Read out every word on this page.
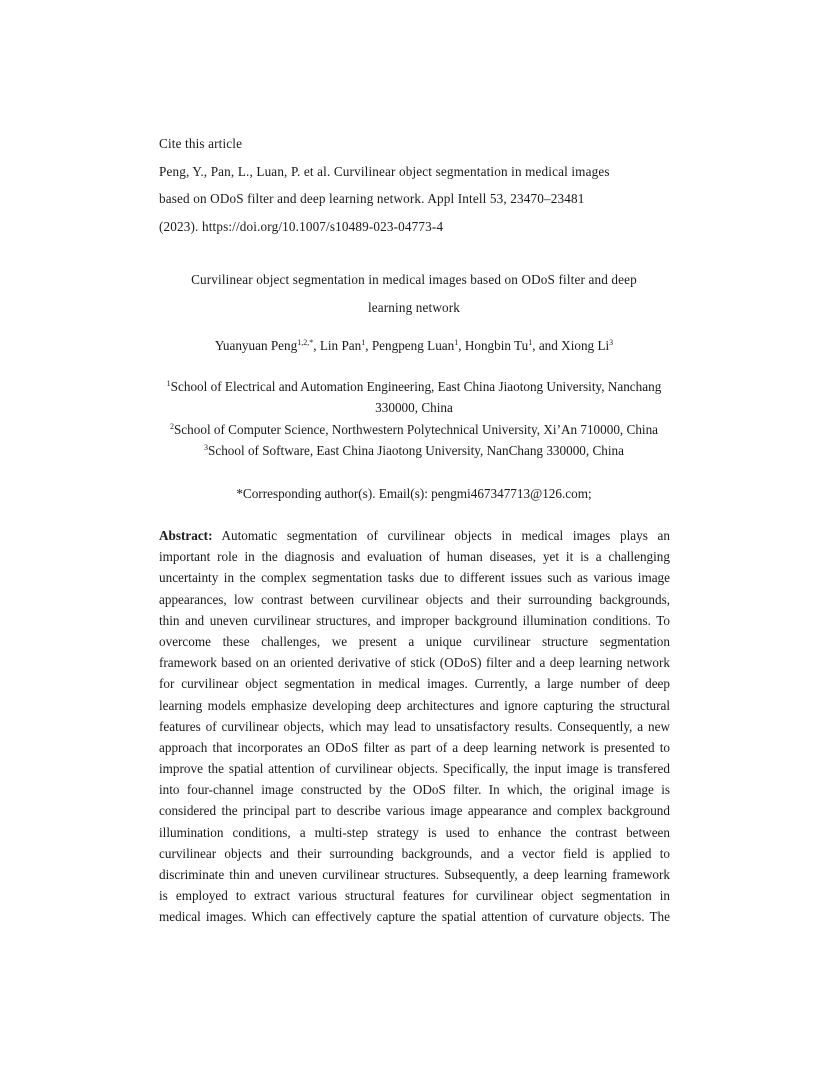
Cite this article
Peng, Y., Pan, L., Luan, P. et al. Curvilinear object segmentation in medical images
based on ODoS filter and deep learning network. Appl Intell 53, 23470–23481
(2023). https://doi.org/10.1007/s10489-023-04773-4
Curvilinear object segmentation in medical images based on ODoS filter and deep
learning network
Yuanyuan Peng$^{1,2,*}$, Lin Pan$^1$, Pengpeng Luan$^1$, Hongbin Tu$^1$, and Xiong Li$^3$
$^1$School of Electrical and Automation Engineering, East China Jiaotong University, Nanchang
330000, China
$^2$School of Computer Science, Northwestern Polytechnical University, Xi’An 710000, China
$^3$School of Software, East China Jiaotong University, NanChang 330000, China
*Corresponding author(s). Email(s): pengmi467347713@126.com;
Abstract: Automatic segmentation of curvilinear objects in medical images plays an
important role in the diagnosis and evaluation of human diseases, yet it is a challenging
uncertainty in the complex segmentation tasks due to different issues such as various image
appearances, low contrast between curvilinear objects and their surrounding backgrounds,
thin and uneven curvilinear structures, and improper background illumination conditions. To
overcome these challenges, we present a unique curvilinear structure segmentation
framework based on an oriented derivative of stick (ODoS) filter and a deep learning network
for curvilinear object segmentation in medical images. Currently, a large number of deep
learning models emphasize developing deep architectures and ignore capturing the structural
features of curvilinear objects, which may lead to unsatisfactory results. Consequently, a new
approach that incorporates an ODoS filter as part of a deep learning network is presented to
improve the spatial attention of curvilinear objects. Specifically, the input image is transfered
into four-channel image constructed by the ODoS filter. In which, the original image is
considered the principal part to describe various image appearance and complex background
illumination conditions, a multi-step strategy is used to enhance the contrast between
curvilinear objects and their surrounding backgrounds, and a vector field is applied to
discriminate thin and uneven curvilinear structures. Subsequently, a deep learning framework
is employed to extract various structural features for curvilinear object segmentation in
medical images. Which can effectively capture the spatial attention of curvature objects. The
